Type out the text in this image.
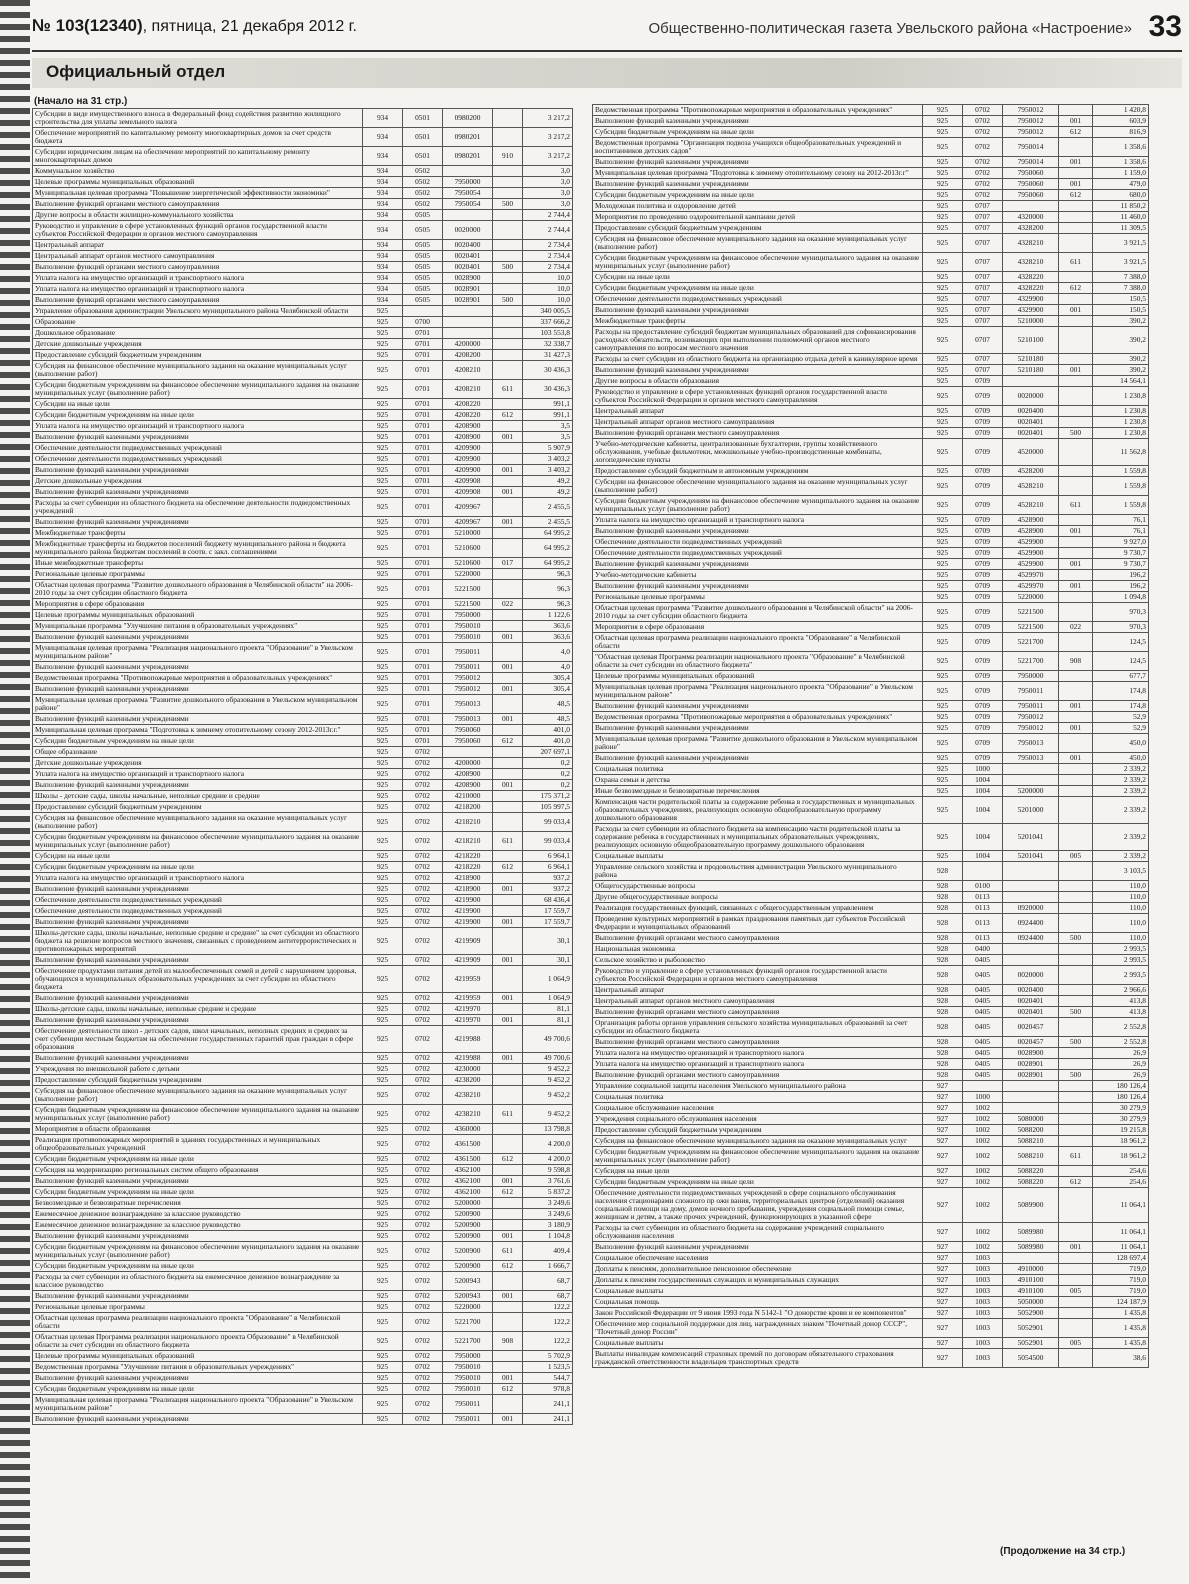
№ 103(12340), пятница, 21 декабря 2012 г.	Общественно-политическая газета Увельского района «Настроение» 33
Официальный отдел
(Начало на 31 стр.)
Субсидии в виде имущественного взноса в Федеральный фонд содействия развитию жилищного строительства для уплаты земельного налога	934	0501	0980200		3 217,2
Обеспечение мероприятий по капитальному ремонту многоквартирных домов за счет средств бюджета	934	0501	0980201		3 217,2
Субсидии юридическим лицам на обеспечение мероприятий по капитальному ремонту многоквартирных домов	934	0501	0980201	910	3 217,2
Коммунальное хозяйство	934	0502			3,0
Целевые программы муниципальных образований	934	0502	7950000		3,0
Муниципальная целевая программа "Повышение энергетической эффективности экономики"	934	0502	7950054		3,0
Выполнение функций органами местного самоуправления	934	0502	7950054	500	3,0
Другие вопросы в области жилищно-коммунального хозяйства	934	0505			2 744,4
Руководство и управление в сфере установленных функций органов государственной власти субъектов Российской Федерации и органов местного самоуправления	934	0505	0020000		2 744,4
Центральный аппарат	934	0505	0020400		2 734,4
Центральный аппарат органов местного самоуправления	934	0505	0020401		2 734,4
Выполнение функций органами местного самоуправления	934	0505	0020401	500	2 734,4
Уплата налога на имущество организаций и транспортного налога	934	0505	0028900		10,0
Уплата налога на имущество организаций и транспортного налога	934	0505	0028901		10,0
Выполнение функций органами местного самоуправления	934	0505	0028901	500	10,0
Управление образования администрации Увельского муниципального района Челябинской области	925				340 005,5
Образование	925	0700			337 666,2
Дошкольное образование	925	0701			103 553,8
Детские дошкольные учреждения	925	0701	4200000		32 338,7
Предоставление субсидий бюджетным учреждениям	925	0701	4208200		31 427,3
Субсидия на финансовое обеспечение муниципального задания на оказание муниципальных услуг (выполнение работ)	925	0701	4208210		30 436,3
Субсидии бюджетным учреждениям на финансовое обеспечение муниципального задания на оказание муниципальных услуг (выполнение работ)	925	0701	4208210	611	30 436,3
Субсидии на иные цели	925	0701	4208220		991,1
Субсидии бюджетным учреждениям на иные цели	925	0701	4208220	612	991,1
Уплата налога на имущество организаций и транспортного налога	925	0701	4208900		3,5
Выполнение функций казенными учреждениями	925	0701	4208900	001	3,5
Обеспечение деятельности подведомственных учреждений	925	0701	4209900		5 907,9
Обеспечение деятельности подведомственных учреждений	925	0701	4209900		3 403,2
Выполнение функций казенными учреждениями	925	0701	4209900	001	3 403,2
Детские дошкольные учреждения	925	0701	4209908		49,2
Выполнение функций казенными учреждениями	925	0701	4209908	001	49,2
Расходы за счет субвенции из областного бюджета на обеспечение деятельности подведомственных учреждений	925	0701	4209967		2 455,5
Выполнение функций казенными учреждениями	925	0701	4209967	001	2 455,5
Межбюджетные трансферты	925	0701	5210000		64 995,2
Межбюджетные трансферты из бюджетов поселений бюджету муниципального района и бюджета муниципального района бюджетам поселений в соотв. с закл. соглашениями	925	0701	5210600		64 995,2
Иные межбюджетные трансферты	925	0701	5210600	017	64 995,2
Региональные целевые программы	925	0701	5220000		96,3
Областная целевая программа "Развитие дошкольного образования в Челябинской области" на 2006-2010 годы за счет субсидии областного бюджета	925	0701	5221500		96,3
Мероприятия в сфере образования	925	0701	5221500	022	96,3
Целевые программы муниципальных образований	925	0701	7950000		1 122,6
Муниципальная программа "Улучшение питания в образовательных учреждениях"	925	0701	7950010		363,6
Выполнение функций казенными учреждениями	925	0701	7950010	001	363,6
Муниципальная целевая программа "Реализация национального проекта "Образование" в Увельском муниципальном районе"	925	0701	7950011		4,0
Выполнение функций казенными учреждениями	925	0701	7950011	001	4,0
Ведомственная программа "Противопожарные мероприятия в образовательных учреждениях"	925	0701	7950012		305,4
Выполнение функций казенными учреждениями	925	0701	7950012	001	305,4
Муниципальная целевая программа "Развитие дошкольного образования в Увельском муниципальном районе"	925	0701	7950013		48,5
Выполнение функций казенными учреждениями	925	0701	7950013	001	48,5
Муниципальная целевая программа "Подготовка к зимнему отопительному сезону 2012-2013г.г."	925	0701	7950060		401,0
Субсидии бюджетным учреждениям на иные цели	925	0701	7950060	612	401,0
Общее образование	925	0702			207 697,1
Детские дошкольные учреждения	925	0702	4200000		0,2
Уплата налога на имущество организаций и транспортного налога	925	0702	4208900		0,2
Выполнение функций казенными учреждениями	925	0702	4208900	001	0,2
Школы - детские сады, школы начальные, неполные средние и средние	925	0702	4210000		175 371,2
Предоставление субсидий бюджетным учреждениям	925	0702	4218200		105 997,5
Субсидия на финансовое обеспечение муниципального задания на оказание муниципальных услуг (выполнение работ)	925	0702	4218210		99 033,4
Субсидии бюджетным учреждениям на финансовое обеспечение муниципального задания на оказание муниципальных услуг (выполнение работ)	925	0702	4218210	611	99 033,4
Субсидии на иные цели	925	0702	4218220		6 964,1
Субсидии бюджетным учреждениям на иные цели	925	0702	4218220	612	6 964,1
Уплата налога на имущество организаций и транспортного налога	925	0702	4218900		937,2
Выполнение функций казенными учреждениями	925	0702	4218900	001	937,2
Обеспечение деятельности подведомственных учреждений	925	0702	4219900		68 436,4
Обеспечение деятельности подведомственных учреждений	925	0702	4219900		17 559,7
Выполнение функций казенными учреждениями	925	0702	4219900	001	17 559,7
Школы-детские сады, школы начальные, неполные средние и средние" за счет субсидии из областного бюджета на решение вопросов местного значения, связанных с проведением антитеррористических и противопожарных мероприятий	925	0702	4219909		30,1
Выполнение функций казенными учреждениями	925	0702	4219909	001	30,1
Обеспечение продуктами питания детей из малообеспеченных семей и детей с нарушением здоровья, обучающихся в муниципальных образовательных учреждениях за счет субсидии из областного бюджета	925	0702	4219959		1 064,9
Выполнение функций казенными учреждениями	925	0702	4219959	001	1 064,9
Школы-детские сады, школы начальные, неполные средние и средние	925	0702	4219970		81,1
Выполнение функций казенными учреждениями	925	0702	4219970	001	81,1
Обеспечение деятельности школ - детских садов, школ начальных, неполных средних и средних за счет субвенции местным бюджетам на обеспечение государственных гарантий прав граждан в сфере образования	925	0702	4219988		49 700,6
Выполнение функций казенными учреждениями	925	0702	4219988	001	49 700,6
Учреждения по внешкольной работе с детьми	925	0702	4230000		9 452,2
Предоставление субсидий бюджетным учреждениям	925	0702	4238200		9 452,2
Субсидия на финансовое обеспечение муниципального задания на оказание муниципальных услуг (выполнение работ)	925	0702	4238210		9 452,2
Субсидии бюджетным учреждениям на финансовое обеспечение муниципального задания на оказание муниципальных услуг (выполнение работ)	925	0702	4238210	611	9 452,2
Мероприятия в области образования	925	0702	4360000		13 798,8
Реализация противопожарных мероприятий в зданиях государственных и муниципальных общеобразовательных учреждений	925	0702	4361500		4 200,0
Субсидии бюджетным учреждениям на иные цели	925	0702	4361500	612	4 200,0
Субсидия на модернизацию региональных систем общего образования	925	0702	4362100		9 598,8
Выполнение функций казенными учреждениями	925	0702	4362100	001	3 761,6
Субсидии бюджетным учреждениям на иные цели	925	0702	4362100	612	5 837,2
Безвозмездные и безвозвратные перечисления	925	0702	5200000		3 249,6
Ежемесячное денежное вознаграждение за классное руководство	925	0702	5200900		3 249,6
Ежемесячное денежное вознаграждение за классное руководство	925	0702	5200900		3 180,9
Выполнение функций казенными учреждениями	925	0702	5200900	001	1 104,8
Субсидии бюджетным учреждениям на финансовое обеспечение муниципального задания на оказание муниципальных услуг (выполнение работ)	925	0702	5200900	611	409,4
Субсидии бюджетным учреждениям на иные цели	925	0702	5200900	612	1 666,7
Расходы за счет субвенции из областного бюджета на ежемесячное денежное вознаграждение за классное руководство	925	0702	5200943		68,7
Выполнение функций казенными учреждениями	925	0702	5200943	001	68,7
Региональные целевые программы	925	0702	5220000		122,2
Областная целевая программа реализации национального проекта "Образование" в Челябинской области	925	0702	5221700		122,2
Областная целевая Программа реализации национального проекта Образование" в Челябинской области за счет субсидии из областного бюджета	925	0702	5221700	908	122,2
Целевые программы муниципальных образований	925	0702	7950000		5 702,9
Ведомственная программа "Улучшение питания в образовательных учреждениях"	925	0702	7950010		1 523,5
Выполнение функций казенными учреждениями	925	0702	7950010	001	544,7
Субсидии бюджетным учреждениям на иные цели	925	0702	7950010	612	978,8
Муниципальная целевая программа "Реализация национального проекта "Образование" в Увельском муниципальном районе"	925	0702	7950011		241,1
Выполнение функций казенными учреждениями	925	0702	7950011	001	241,1
Ведомственная программа "Противопожарные мероприятия в образовательных учреждениях"	925	0702	7950012		1 420,8
Выполнение функций казенными учреждениями	925	0702	7950012	001	603,9
Субсидии бюджетным учреждениям на иные цели	925	0702	7950012	612	816,9
Ведомственная программа "Организация подвоза учащихся общеобразовательных учреждений и воспитанников детских садов"	925	0702	7950014		1 358,6
Выполнение функций казенными учреждениями	925	0702	7950014	001	1 358,6
Муниципальная целевая программа "Подготовка к зимнему отопительному сезону на 2012-2013г.г"	925	0702	7950060		1 159,0
Выполнение функций казенными учреждениями	925	0702	7950060	001	479,0
Субсидии бюджетным учреждениям на иные цели	925	0702	7950060	612	680,0
Молодежная политика и оздоровление детей	925	0707			11 850,2
Мероприятия по проведению оздоровительной кампании детей	925	0707	4320000		11 460,0
Предоставление субсидий бюджетным учреждениям	925	0707	4328200		11 309,5
Субсидия на финансовое обеспечение муниципального задания на оказание муниципальных услуг (выполнение работ)	925	0707	4328210		3 921,5
Субсидии бюджетным учреждениям на финансовое обеспечение муниципального задания на оказание муниципальных услуг (выполнение работ)	925	0707	4328210	611	3 921,5
Субсидии на иные цели	925	0707	4328220		7 388,0
Субсидии бюджетным учреждениям на иные цели	925	0707	4328220	612	7 388,0
Обеспечение деятельности подведомственных учреждений	925	0707	4329900		150,5
Выполнение функций казенными учреждениями	925	0707	4329900	001	150,5
Межбюджетные трансферты	925	0707	5210000		390,2
Расходы на предоставление субсидий бюджетам муниципальных образований для софинансирования расходных обязательств, возникающих при выполнении полномочий органов местного самоуправления по вопросам местного значения	925	0707	5210100		390,2
Расходы за счет субсидии из областного бюджета на организацию отдыха детей в каникулярное время	925	0707	5210180		390,2
Выполнение функций казенными учреждениями	925	0707	5210180	001	390,2
Другие вопросы в области образования	925	0709			14 564,1
Руководство и управление в сфере установленных функций органов государственной власти субъектов Российской Федерации и органов местного самоуправления	925	0709	0020000		1 230,8
Центральный аппарат	925	0709	0020400		1 230,8
Центральный аппарат органов местного самоуправления	925	0709	0020401		1 230,8
Выполнение функций органами местного самоуправления	925	0709	0020401	500	1 230,8
Учебно-методические кабинеты, централизованные бухгалтерии, группы хозяйственного обслуживания, учебные фильмотеки, межшкольные учебно-производственные комбинаты, логопедические пункты	925	0709	4520000		11 562,8
Предоставление субсидий бюджетным и автономным учреждениям	925	0709	4528200		1 559,8
Субсидии на финансовое обеспечение муниципального задания на оказание муниципальных услуг (выполнение работ)	925	0709	4528210		1 559,8
Субсидии бюджетным учреждениям на финансовое обеспечение муниципального задания на оказание муниципальных услуг (выполнение работ)	925	0709	4528210	611	1 559,8
Уплата налога на имущество организаций и транспортного налога	925	0709	4528900		76,1
Выполнение функций казенными учреждениями	925	0709	4528900	001	76,1
Обеспечение деятельности подведомственных учреждений	925	0709	4529900		9 927,0
Обеспечение деятельности подведомственных учреждений	925	0709	4529900		9 730,7
Выполнение функций казенными учреждениями	925	0709	4529900	001	9 730,7
Учебно-методические кабинеты	925	0709	4529970		196,2
Выполнение функций казенными учреждениями	925	0709	4529970	001	196,2
Региональные целевые программы	925	0709	5220000		1 094,8
Областная целевая программа "Развитие дошкольного образования в Челябинской области" на 2006-2010 годы за счет субсидии областного бюджета	925	0709	5221500		970,3
Мероприятия в сфере образования	925	0709	5221500	022	970,3
Областная целевая программа реализации национального проекта "Образование" в Челябинской области	925	0709	5221700		124,5
"Областная целевая Программа реализации национального проекта "Образование" в Челябинской области за счет субсидии из областного бюджета"	925	0709	5221700	908	124,5
Целевые программы муниципальных образований	925	0709	7950000		677,7
Муниципальная целевая программа "Реализация национального проекта "Образование" в Увельском муниципальном районе"	925	0709	7950011		174,8
Выполнение функций казенными учреждениями	925	0709	7950011	001	174,8
Ведомственная программа "Противопожарные мероприятия в образовательных учреждениях"	925	0709	7950012		52,9
Выполнение функций казенными учреждениями	925	0709	7950012	001	52,9
Муниципальная целевая программа "Развитие дошкольного образования в Увельском муниципальном районе"	925	0709	7950013		450,0
Выполнение функций казенными учреждениями	925	0709	7950013	001	450,0
Социальная политика	925	1000			2 339,2
Охрана семьи и детства	925	1004			2 339,2
Иные безвозмездные и безвозвратные перечисления	925	1004	5200000		2 339,2
Компенсация части родительской платы за содержание ребенка в государственных и муниципальных образовательных учреждениях, реализующих основную общеобразовательную программу дошкольного образования	925	1004	5201000		2 339,2
Расходы за счет субвенции из областного бюджета на компенсацию части родительской платы за содержание ребенка в государственных и муниципальных образовательных учреждениях, реализующих основную общеобразовательную программу дошкольного образования	925	1004	5201041		2 339,2
Социальные выплаты	925	1004	5201041	005	2 339,2
Управление сельского хозяйства и продовольствия администрации Увельского муниципального района	928				3 103,5
Общегосударственные вопросы	928	0100			110,0
Другие общегосударственные вопросы	928	0113			110,0
Реализация государственных функций, связанных с общегосударственным управлением	928	0113	0920000		110,0
Проведение культурных мероприятий в рамках празднования памятных дат субъектов Российской Федерации и муниципальных образований	928	0113	0924400		110,0
Выполнение функций органами местного самоуправления	928	0113	0924400	500	110,0
Национальная экономика	928	0400			2 993,5
Сельское хозяйство и рыболовство	928	0405			2 993,5
Руководство и управление в сфере установленных функций органов государственной власти субъектов Российской Федерации и органов местного самоуправления	928	0405	0020000		2 993,5
Центральный аппарат	928	0405	0020400		2 966,6
Центральный аппарат органов местного самоуправления	928	0405	0020401		413,8
Выполнение функций органами местного самоуправления	928	0405	0020401	500	413,8
Организация работы органов управления сельского хозяйства муниципальных образований за счет субсидии из областного бюджета	928	0405	0020457		2 552,8
Выполнение функций органами местного самоуправления	928	0405	0020457	500	2 552,8
Уплата налога на имущество организаций и транспортного налога	928	0405	0028900		26,9
Уплата налога на имущество организаций и транспортного налога	928	0405	0028901		26,9
Выполнение функций органами местного самоуправления	928	0405	0028901	500	26,9
Управление социальной защиты населения Увельского муниципального района	927				180 126,4
Социальная политика	927	1000			180 126,4
Социальное обслуживание населения	927	1002			30 279,9
Учреждения социального обслуживания населения	927	1002	5080000		30 279,9
Предоставление субсидий бюджетным учреждениям	927	1002	5088200		19 215,8
Субсидия на финансовое обеспечение муниципального задания на оказание муниципальных услуг	927	1002	5088210		18 961,2
Субсидии бюджетным учреждениям на финансовое обеспечение муниципального задания на оказание муниципальных услуг (выполнение работ)	927	1002	5088210	611	18 961,2
Субсидия на иные цели	927	1002	5088220		254,6
Субсидии бюджетным учреждениям на иные цели	927	1002	5088220	612	254,6
Обеспечение деятельности подведомственных учреждений в сфере социального обслуживания населения стационарами сложного пр ожи вания, территориальных центров (отделений) оказания социальной помощи на дому, домов ночного пребывания, учреждения социальной помощи семье, женщинам и детям, а также прочих учреждений, функционирующих в указанной сфере	927	1002	5089900		11 064,1
Расходы за счет субвенции из областного бюджета на содержание учреждений социального обслуживания населения	927	1002	5089980		11 064,1
Выполнение функций казенными учреждениями	927	1002	5089980	001	11 064,1
Социальное обеспечение населения	927	1003			128 697,4
Доплаты к пенсиям, дополнительное пенсионное обеспечение	927	1003	4910000		719,0
Доплаты к пенсиям государственных служащих и муниципальных служащих	927	1003	4910100		719,0
Социальные выплаты	927	1003	4910100	005	719,0
Социальная помощь	927	1003	5050000		124 187,9
Закон Российской Федерации от 9 июня 1993 года N 5142-1 "О донорстве крови и ее компонентов"	927	1003	5052900		1 435,8
Обеспечение мер социальной поддержки для лиц, награжденных знаком "Почетный донор СССР", "Почетный донор России"	927	1003	5052901		1 435,8
Социальные выплаты	927	1003	5052901	005	1 435,8
Выплаты инвалидам компенсаций страховых премий по договорам обязательного страхования гражданской ответственности владельцев транспортных средств	927	1003	5054500		38,6
(Продолжение на 34 стр.)
